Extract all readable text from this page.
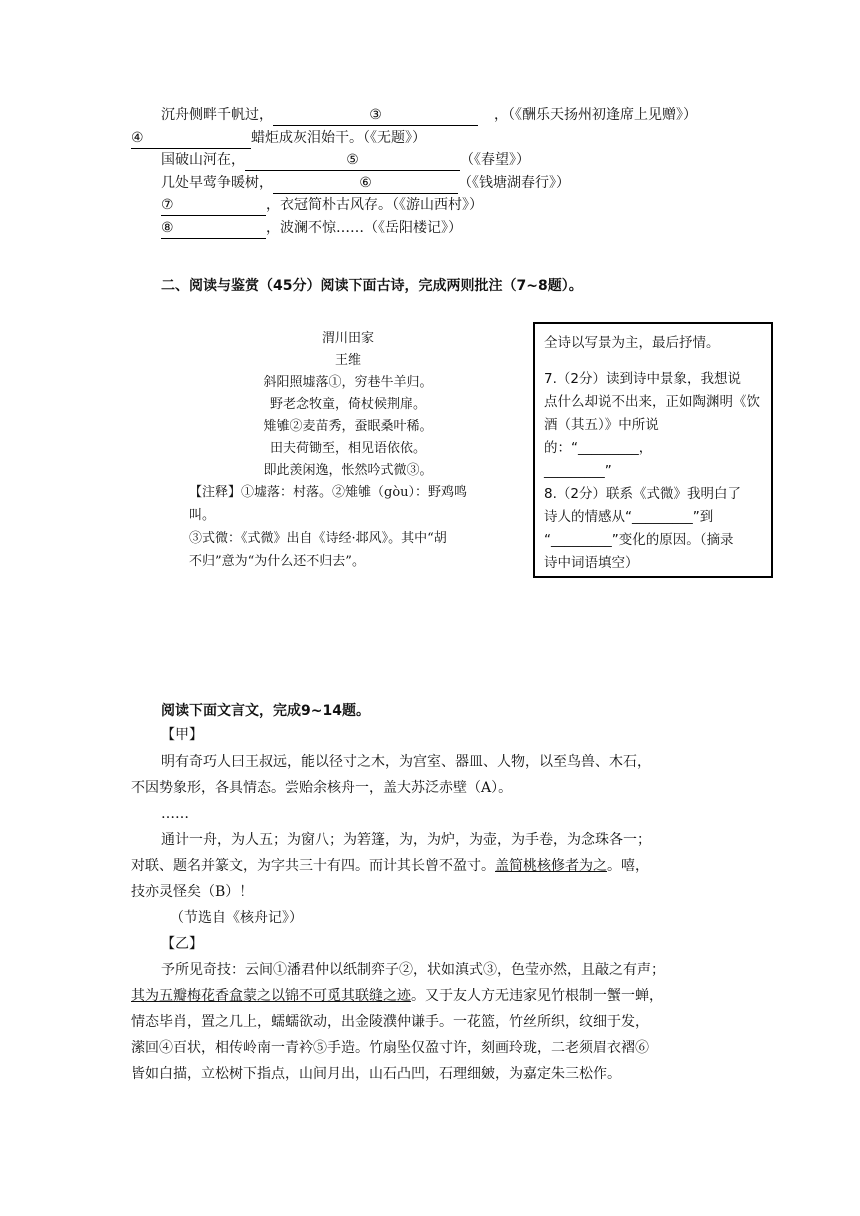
沉舟侧畔千帆过，	③	，（《酬乐天扬州初逢席上见赠》）
④	蜡炬成灰泪始干。（《无题》）
国破山河在，	⑤	（《春望》）
几处早莺争暖树，	⑥	（《钱塘湖春行》）
⑦	，衣冠简朴古风存。（《游山西村》）
⑧	，波澜不惊……（《岳阳楼记》）
二、阅读与鉴赏（45分）阅读下面古诗，完成两则批注（7~8题）。
渭川田家
王维
斜阳照墟落①，穷巷牛羊归。
野老念牧童，倚杖候荆扉。
雉雊②麦苗秀，蚕眠桑叶稀。
田夫荷锄至，相见语依依。
即此羡闲逸，怅然吟式微③。
【注释】①墟落：村落。②雉雊（gòu）：野鸡鸣
叫。
③式微：《式微》出自《诗经·邶风》。其中“胡
不归”意为“为什么还不归去”。

全诗以写景为主，最后抒情。

7.（2分）读到诗中景象，我想说

点什么却说不出来，正如陶渊明《饮

酒（其五）》中所说的：“_________，

_________”

8.（2分）联系《式微》我明白了

诗人的情感从“_________”到

“_________”变化的原因。（摘录

诗中词语填空）

阅读下面文言文，完成9~14题。
【甲】
明有奇巧人曰王叔远，能以径寸之木，为宫室、器皿、人物，以至鸟兽、木石，
不因势象形，各具情态。尝贻余核舟一，盖大苏泛赤壁（A）。
……
通计一舟，为人五；为窗八；为箬篷，为，为炉，为壶，为手卷，为念珠各一；
对联、题名并篆文，为字共三十有四。而计其长曾不盈寸。盖简桃核修者为之。嘻，
技亦灵怪矣（B）！
（节选自《核舟记》）
【乙】
予所见奇技：云间①潘君仲以纸制弈子②，状如滇式③，色莹亦然，且敲之有声；
其为五瓣梅花香盒蒙之以锦不可觅其联缝之迹。又于友人方无违家见竹根制一蟹一蝉，
情态毕肖，置之几上，蠕蠕欲动，出金陵濮仲谦手。一花篮，竹丝所织，纹细于发，
潆回④百状，相传岭南一青衿⑤手造。竹扇坠仅盈寸许，刻画玲珑，二老须眉衣褶⑥
皆如白描，立松树下指点，山间月出，山石凸凹，石理细皴，为嘉定朱三松作。
